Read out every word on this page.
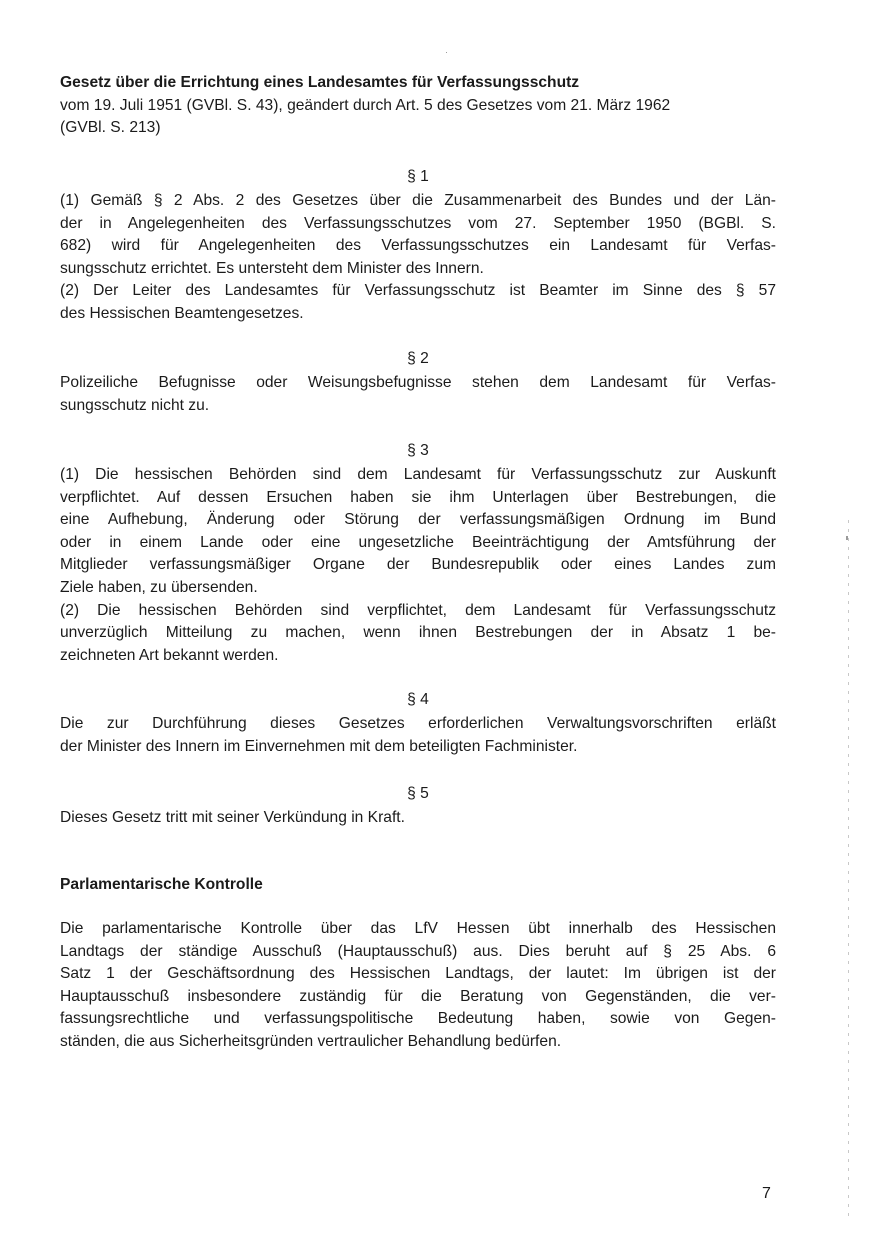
Gesetz über die Errichtung eines Landesamtes für Verfassungsschutz
vom 19. Juli 1951 (GVBl. S. 43), geändert durch Art. 5 des Gesetzes vom 21. März 1962
(GVBl. S. 213)
§ 1
(1) Gemäß § 2 Abs. 2 des Gesetzes über die Zusammenarbeit des Bundes und der Län-
der in Angelegenheiten des Verfassungsschutzes vom 27. September 1950 (BGBl. S.
682) wird für Angelegenheiten des Verfassungsschutzes ein Landesamt für Verfas-
sungsschutz errichtet. Es untersteht dem Minister des Innern.
(2) Der Leiter des Landesamtes für Verfassungsschutz ist Beamter im Sinne des § 57
des Hessischen Beamtengesetzes.
§ 2
Polizeiliche Befugnisse oder Weisungsbefugnisse stehen dem Landesamt für Verfas-
sungsschutz nicht zu.
§ 3
(1) Die hessischen Behörden sind dem Landesamt für Verfassungsschutz zur Auskunft
verpflichtet. Auf dessen Ersuchen haben sie ihm Unterlagen über Bestrebungen, die
eine Aufhebung, Änderung oder Störung der verfassungsmäßigen Ordnung im Bund
oder in einem Lande oder eine ungesetzliche Beeinträchtigung der Amtsführung der
Mitglieder verfassungsmäßiger Organe der Bundesrepublik oder eines Landes zum
Ziele haben, zu übersenden.
(2) Die hessischen Behörden sind verpflichtet, dem Landesamt für Verfassungsschutz
unverzüglich Mitteilung zu machen, wenn ihnen Bestrebungen der in Absatz 1 be-
zeichneten Art bekannt werden.
§ 4
Die zur Durchführung dieses Gesetzes erforderlichen Verwaltungsvorschriften erläßt
der Minister des Innern im Einvernehmen mit dem beteiligten Fachminister.
§ 5
Dieses Gesetz tritt mit seiner Verkündung in Kraft.
Parlamentarische Kontrolle
Die parlamentarische Kontrolle über das LfV Hessen übt innerhalb des Hessischen
Landtags der ständige Ausschuß (Hauptausschuß) aus. Dies beruht auf § 25 Abs. 6
Satz 1 der Geschäftsordnung des Hessischen Landtags, der lautet: Im übrigen ist der
Hauptausschuß insbesondere zuständig für die Beratung von Gegenständen, die ver-
fassungsrechtliche und verfassungspolitische Bedeutung haben, sowie von Gegen-
ständen, die aus Sicherheitsgründen vertraulicher Behandlung bedürfen.
7
